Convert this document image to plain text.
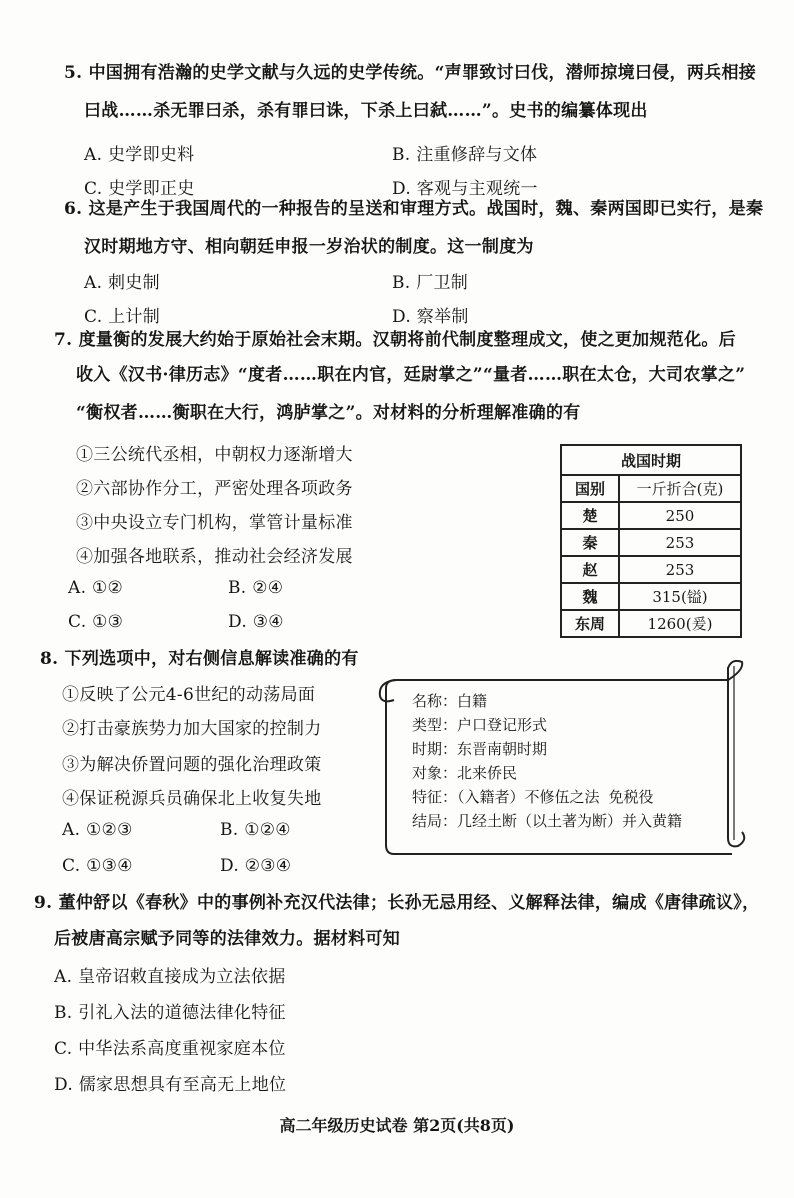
5. 中国拥有浩瀚的史学文献与久远的史学传统。“声罪致讨曰伐，潜师掠境曰侵，两兵相接
曰战……杀无罪曰杀，杀有罪曰诛，下杀上曰弑……”。史书的编纂体现出
A. 史学即史料	B. 注重修辞与文体
C. 史学即正史	D. 客观与主观统一
6. 这是产生于我国周代的一种报告的呈送和审理方式。战国时，魏、秦两国即已实行，是秦
汉时期地方守、相向朝廷申报一岁治状的制度。这一制度为
A. 刺史制	B. 厂卫制
C. 上计制	D. 察举制
7. 度量衡的发展大约始于原始社会末期。汉朝将前代制度整理成文，使之更加规范化。后
收入《汉书·律历志》“度者……职在内官，廷尉掌之”“量者……职在太仓，大司农掌之”
“衡权者……衡职在大行，鸿胪掌之”。对材料的分析理解准确的有
①三公统代丞相，中朝权力逐渐增大
②六部协作分工，严密处理各项政务
③中央设立专门机构，掌管计量标准
④加强各地联系，推动社会经济发展
A. ①②	B. ②④
C. ①③	D. ③④
战国时期	
国别	一斤折合(克)
楚	250
秦	253
赵	253
魏	315(镒)
东周	1260(爰)
8. 下列选项中，对右侧信息解读准确的有
①反映了公元4-6世纪的动荡局面
②打击豪族势力加大国家的控制力
③为解决侨置问题的强化治理政策
④保证税源兵员确保北上收复失地
A. ①②③	B. ①②④
C. ①③④	D. ②③④
名称：白籍
类型：户口登记形式
时期：东晋南朝时期
对象：北来侨民
特征：（入籍者）不修伍之法 免税役
结局：几经土断（以土著为断）并入黄籍
9. 董仲舒以《春秋》中的事例补充汉代法律；长孙无忌用经、义解释法律，编成《唐律疏议》，
后被唐高宗赋予同等的法律效力。据材料可知
A. 皇帝诏敕直接成为立法依据
B. 引礼入法的道德法律化特征
C. 中华法系高度重视家庭本位
D. 儒家思想具有至高无上地位
高二年级历史试卷 第2页(共8页)
